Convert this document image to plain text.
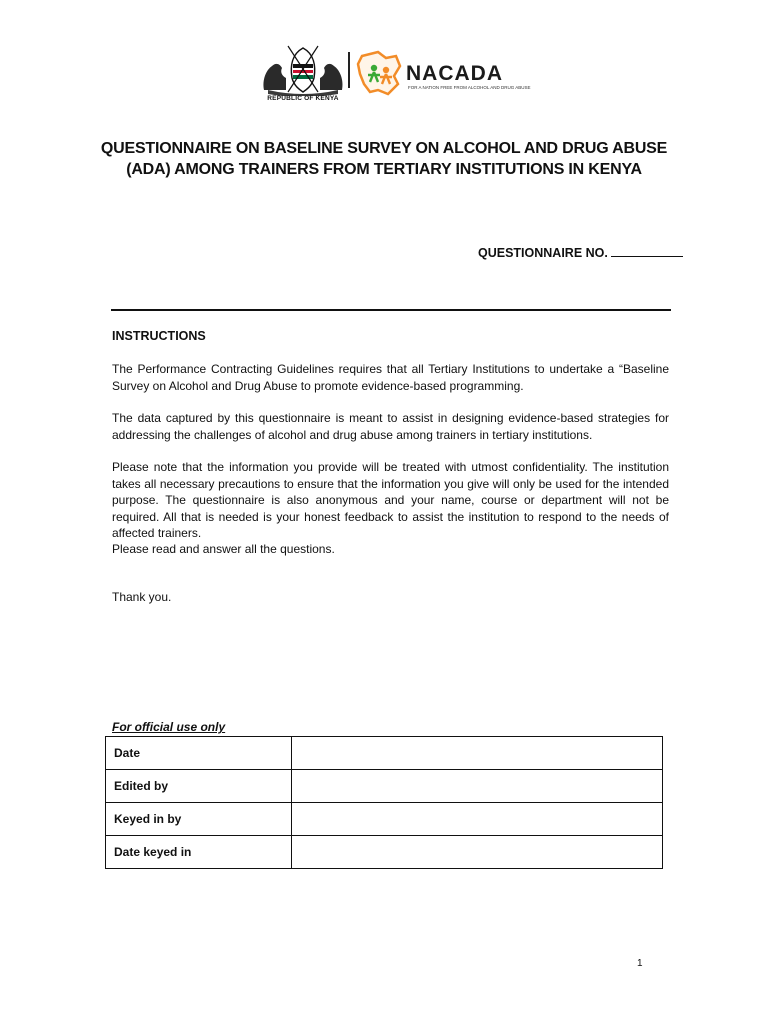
REPUBLIC OF KENYA
NACADA
FOR A NATION FREE FROM ALCOHOL AND DRUG ABUSE
QUESTIONNAIRE ON BASELINE SURVEY ON ALCOHOL AND DRUG ABUSE
(ADA) AMONG TRAINERS FROM TERTIARY INSTITUTIONS IN KENYA
QUESTIONNAIRE NO.
INSTRUCTIONS
The Performance Contracting Guidelines requires that all Tertiary Institutions to undertake a “Baseline Survey on Alcohol and Drug Abuse to promote evidence-based programming.
The data captured by this questionnaire is meant to assist in designing evidence-based strategies for addressing the challenges of alcohol and drug abuse among trainers in tertiary institutions.
Please note that the information you provide will be treated with utmost confidentiality. The institution takes all necessary precautions to ensure that the information you give will only be used for the intended purpose. The questionnaire is also anonymous and your name, course or department will not be required. All that is needed is your honest feedback to assist the institution to respond to the needs of affected trainers.
Please read and answer all the questions.
Thank you.
For official use only
Date	
Edited by	
Keyed in by	
Date keyed in	
1
